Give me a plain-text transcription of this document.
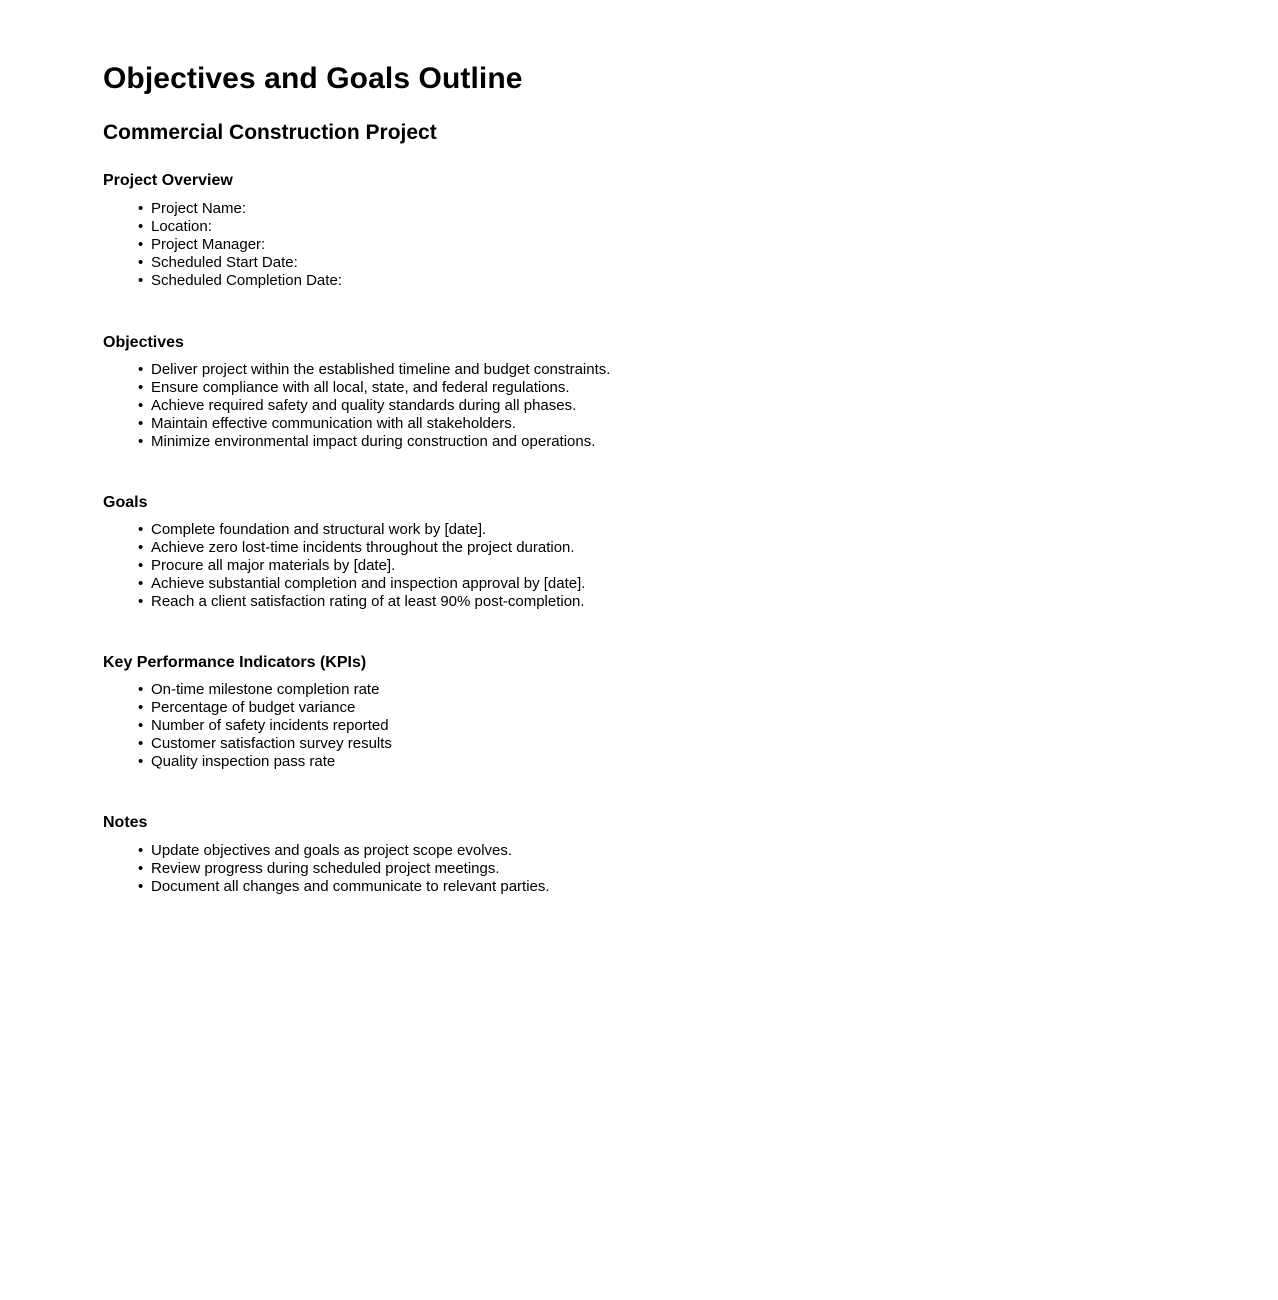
Objectives and Goals Outline
Commercial Construction Project
Project Overview
• Project Name:
• Location:
• Project Manager:
• Scheduled Start Date:
• Scheduled Completion Date:
Objectives
• Deliver project within the established timeline and budget constraints.
• Ensure compliance with all local, state, and federal regulations.
• Achieve required safety and quality standards during all phases.
• Maintain effective communication with all stakeholders.
• Minimize environmental impact during construction and operations.
Goals
• Complete foundation and structural work by [date].
• Achieve zero lost-time incidents throughout the project duration.
• Procure all major materials by [date].
• Achieve substantial completion and inspection approval by [date].
• Reach a client satisfaction rating of at least 90% post-completion.
Key Performance Indicators (KPIs)
• On-time milestone completion rate
• Percentage of budget variance
• Number of safety incidents reported
• Customer satisfaction survey results
• Quality inspection pass rate
Notes
• Update objectives and goals as project scope evolves.
• Review progress during scheduled project meetings.
• Document all changes and communicate to relevant parties.
